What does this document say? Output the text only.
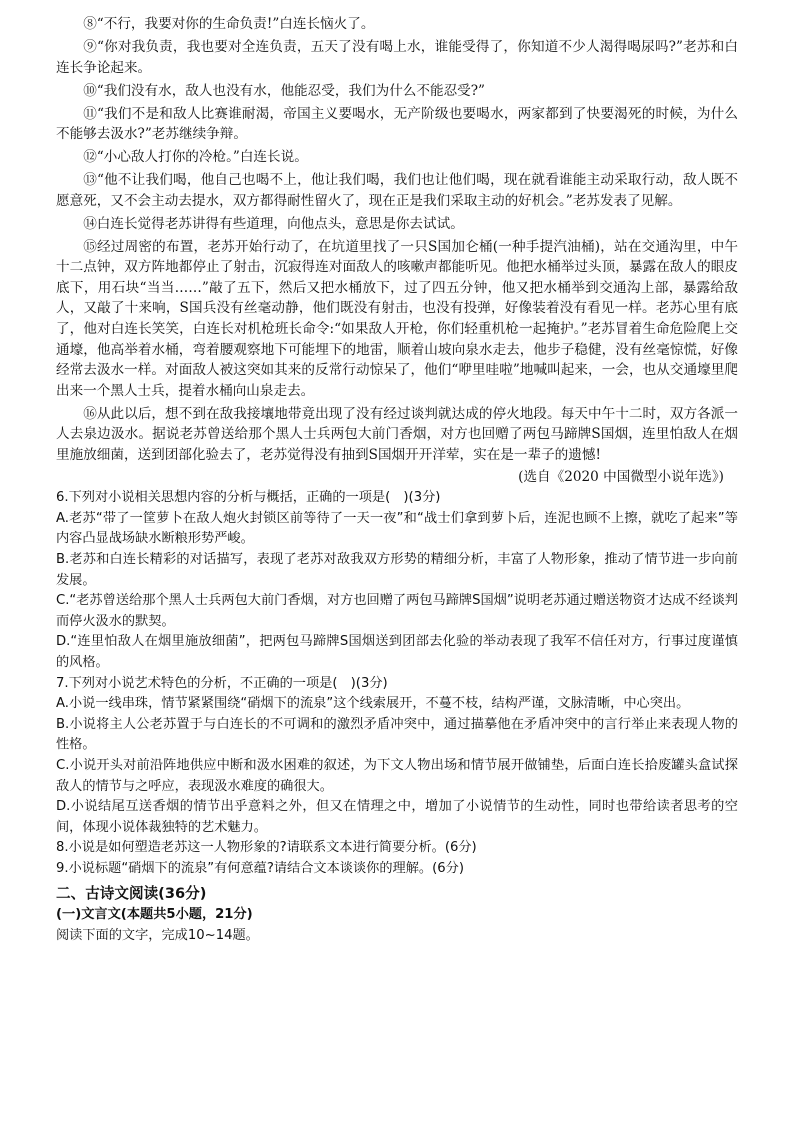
⑧“不行，我要对你的生命负责!”白连长恼火了。

⑨“你对我负责，我也要对全连负责，五天了没有喝上水，谁能受得了，你知道不少人渴得喝尿吗?”老苏和白连长争论起来。

⑩“我们没有水，敌人也没有水，他能忍受，我们为什么不能忍受?”

⑪“我们不是和敌人比赛谁耐渴，帝国主义要喝水，无产阶级也要喝水，两家都到了快要渴死的时候，为什么不能够去汲水?”老苏继续争辩。

⑫“小心敌人打你的冷枪。”白连长说。

⑬“他不让我们喝，他自己也喝不上，他让我们喝，我们也让他们喝，现在就看谁能主动采取行动，敌人既不愿意死，又不会主动去提水，双方都得耐性留火了，现在正是我们采取主动的好机会。”老苏发表了见解。

⑭白连长觉得老苏讲得有些道理，向他点头，意思是你去试试。

⑮经过周密的布置，老苏开始行动了，在坑道里找了一只S国加仑桶(一种手提汽油桶)，站在交通沟里，中午十二点钟，双方阵地都停止了射击，沉寂得连对面敌人的咳嗽声都能听见。他把水桶举过头顶，暴露在敌人的眼皮底下，用石块“当当……”敲了五下，然后又把水桶放下，过了四五分钟，他又把水桶举到交通沟上部，暴露给敌人，又敲了十来响，S国兵没有丝毫动静，他们既没有射击，也没有投弹，好像装着没有看见一样。老苏心里有底了，他对白连长笑笑，白连长对机枪班长命令:“如果敌人开枪，你们轻重机枪一起掩护。”老苏冒着生命危险爬上交通壕，他高举着水桶，弯着腰观察地下可能埋下的地雷，顺着山坡向泉水走去，他步子稳健，没有丝毫惊慌，好像经常去汲水一样。对面敌人被这突如其来的反常行动惊呆了，他们“咿里哇啦”地喊叫起来，一会，也从交通壕里爬出来一个黑人士兵，提着水桶向山泉走去。

⑯从此以后，想不到在敌我接壤地带竟出现了没有经过谈判就达成的停火地段。每天中午十二时，双方各派一人去泉边汲水。据说老苏曾送给那个黑人士兵两包大前门香烟，对方也回赠了两包马蹄牌S国烟，连里怕敌人在烟里施放细菌，送到团部化验去了，老苏觉得没有抽到S国烟开开洋荤，实在是一辈子的遗憾!

(选自《2020 中国微型小说年选》)

6.下列对小说相关思想内容的分析与概括，正确的一项是(　)(3分)

A.老苏“带了一筐萝卜在敌人炮火封锁区前等待了一天一夜”和“战士们拿到萝卜后，连泥也顾不上擦，就吃了起来”等内容凸显战场缺水断粮形势严峻。

B.老苏和白连长精彩的对话描写，表现了老苏对敌我双方形势的精细分析，丰富了人物形象，推动了情节进一步向前发展。

C.“老苏曾送给那个黑人士兵两包大前门香烟，对方也回赠了两包马蹄牌S国烟”说明老苏通过赠送物资才达成不经谈判而停火汲水的默契。

D.“连里怕敌人在烟里施放细菌”，把两包马蹄牌S国烟送到团部去化验的举动表现了我军不信任对方，行事过度谨慎的风格。

7.下列对小说艺术特色的分析，不正确的一项是(　)(3分)

A.小说一线串珠，情节紧紧围绕“硝烟下的流泉”这个线索展开，不蔓不枝，结构严谨，文脉清晰，中心突出。

B.小说将主人公老苏置于与白连长的不可调和的激烈矛盾冲突中，通过描摹他在矛盾冲突中的言行举止来表现人物的性格。

C.小说开头对前沿阵地供应中断和汲水困难的叙述，为下文人物出场和情节展开做铺垫，后面白连长拾废罐头盒试探敌人的情节与之呼应，表现汲水难度的确很大。

D.小说结尾互送香烟的情节出乎意料之外，但又在情理之中，增加了小说情节的生动性，同时也带给读者思考的空间，体现小说体裁独特的艺术魅力。

8.小说是如何塑造老苏这一人物形象的?请联系文本进行简要分析。(6分)

9.小说标题“硝烟下的流泉”有何意蕴?请结合文本谈谈你的理解。(6分)

二、古诗文阅读(36分)

(一)文言文(本题共5小题，21分)

阅读下面的文字，完成10~14题。
